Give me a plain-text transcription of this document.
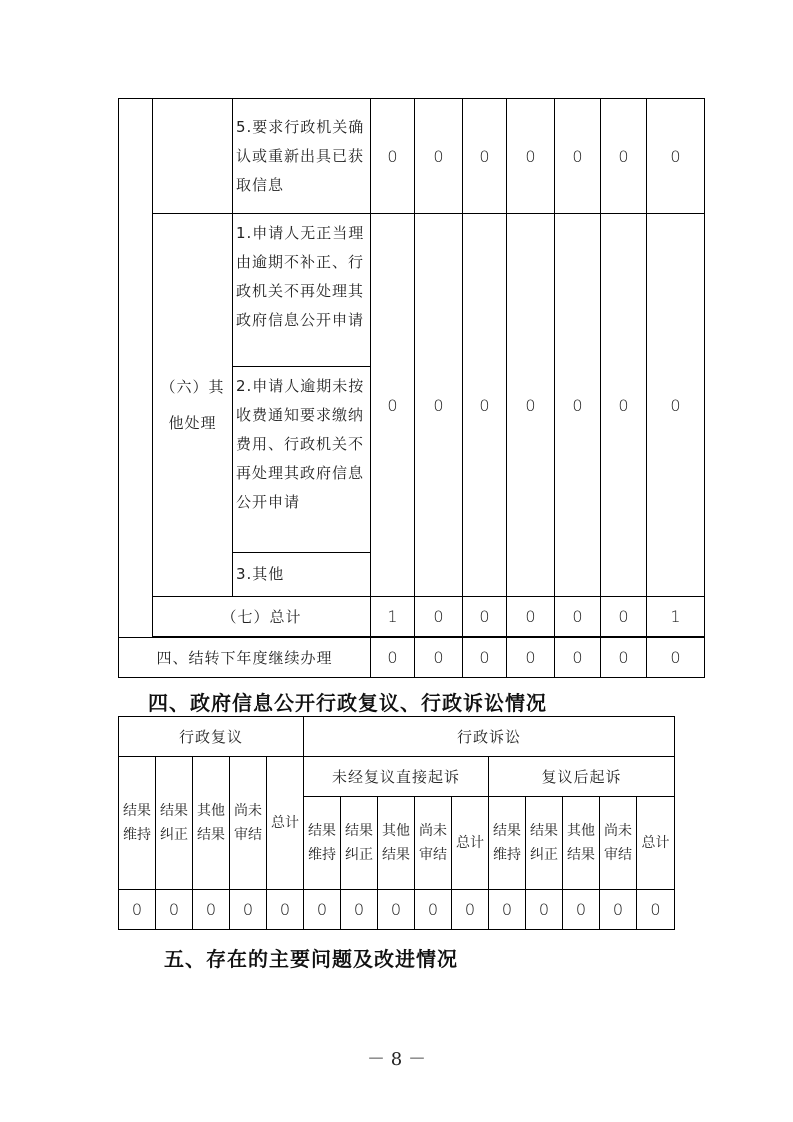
		5.要求行政机关确认或重新出具已获取信息	0	0	0	0	0	0	0
	（六）其他处理	1.申请人无正当理由逾期不补正、行政机关不再处理其政府信息公开申请
2.申请人逾期未按收费通知要求缴纳费用、行政机关不再处理其政府信息公开申请
3.其他	0	0	0	0	0	0	0
	（七）总计		1	0	0	0	0	0	1

四、结转下年度继续办理			0	0	0	0	0	0	0
四、政府信息公开行政复议、行政诉讼情况
行政复议					行政诉讼									
结果维持	结果纠正	其他结果	尚未审结	总计	未经复议直接起诉					复议后起诉				
					结果维持	结果纠正	其他结果	尚未审结	总计	结果维持	结果纠正	其他结果	尚未审结	总计
0	0	0	0	0	0	0	0	0	0	0	0	0	0	0
五、存在的主要问题及改进情况
－ 8 －
